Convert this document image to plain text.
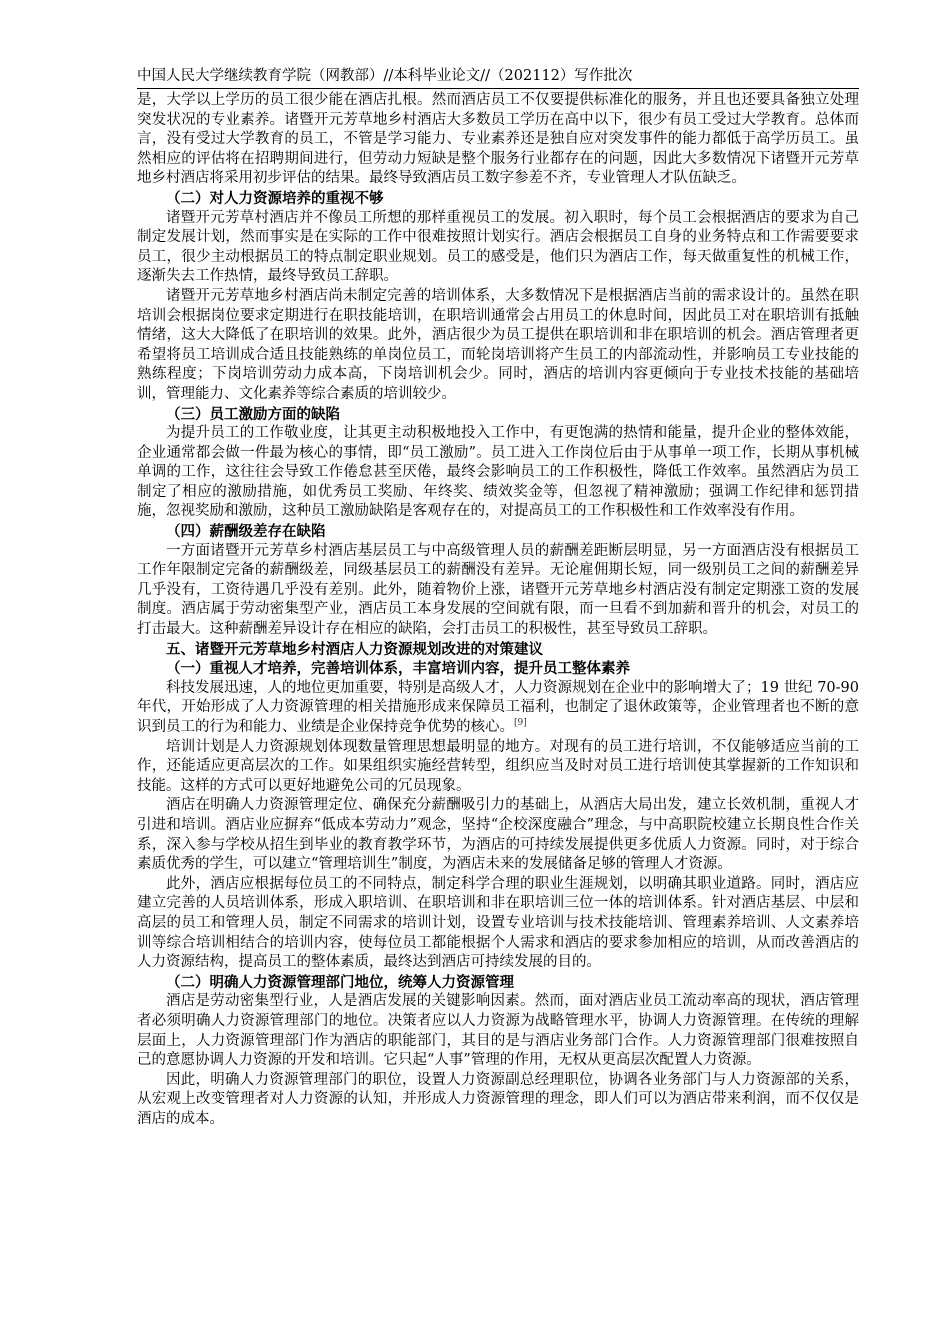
中国人民大学继续教育学院（网教部）//本科毕业论文//（202112）写作批次

是，大学以上学历的员工很少能在酒店扎根。然而酒店员工不仅要提供标准化的服务，并且也还要具备独立处理突发状况的专业素养。诸暨开元芳草地乡村酒店大多数员工学历在高中以下，很少有员工受过大学教育。总体而言，没有受过大学教育的员工，不管是学习能力、专业素养还是独自应对突发事件的能力都低于高学历员工。虽然相应的评估将在招聘期间进行，但劳动力短缺是整个服务行业都存在的问题，因此大多数情况下诸暨开元芳草地乡村酒店将采用初步评估的结果。最终导致酒店员工数字参差不齐，专业管理人才队伍缺乏。

（二）对人力资源培养的重视不够

诸暨开元芳草村酒店并不像员工所想的那样重视员工的发展。初入职时，每个员工会根据酒店的要求为自己制定发展计划，然而事实是在实际的工作中很难按照计划实行。酒店会根据员工自身的业务特点和工作需要要求员工，很少主动根据员工的特点制定职业规划。员工的感受是，他们只为酒店工作，每天做重复性的机械工作，逐渐失去工作热情，最终导致员工辞职。

诸暨开元芳草地乡村酒店尚未制定完善的培训体系，大多数情况下是根据酒店当前的需求设计的。虽然在职培训会根据岗位要求定期进行在职技能培训，在职培训通常会占用员工的休息时间，因此员工对在职培训有抵触情绪，这大大降低了在职培训的效果。此外，酒店很少为员工提供在职培训和非在职培训的机会。酒店管理者更希望将员工培训成合适且技能熟练的单岗位员工，而轮岗培训将产生员工的内部流动性，并影响员工专业技能的熟练程度；下岗培训劳动力成本高，下岗培训机会少。同时，酒店的培训内容更倾向于专业技术技能的基础培训，管理能力、文化素养等综合素质的培训较少。

（三）员工激励方面的缺陷

为提升员工的工作敬业度，让其更主动积极地投入工作中，有更饱满的热情和能量，提升企业的整体效能，企业通常都会做一件最为核心的事情，即“员工激励”。员工进入工作岗位后由于从事单一项工作，长期从事机械单调的工作，这往往会导致工作倦怠甚至厌倦，最终会影响员工的工作积极性，降低工作效率。虽然酒店为员工制定了相应的激励措施，如优秀员工奖励、年终奖、绩效奖金等，但忽视了精神激励；强调工作纪律和惩罚措施，忽视奖励和激励，这种员工激励缺陷是客观存在的，对提高员工的工作积极性和工作效率没有作用。

（四）薪酬级差存在缺陷

一方面诸暨开元芳草乡村酒店基层员工与中高级管理人员的薪酬差距断层明显，另一方面酒店没有根据员工工作年限制定完备的薪酬级差，同级基层员工的薪酬没有差异。无论雇佣期长短，同一级别员工之间的薪酬差异几乎没有，工资待遇几乎没有差别。此外，随着物价上涨，诸暨开元芳草地乡村酒店没有制定定期涨工资的发展制度。酒店属于劳动密集型产业，酒店员工本身发展的空间就有限，而一旦看不到加薪和晋升的机会，对员工的打击最大。这种薪酬差异设计存在相应的缺陷，会打击员工的积极性，甚至导致员工辞职。

五、诸暨开元芳草地乡村酒店人力资源规划改进的对策建议
（一）重视人才培养，完善培训体系，丰富培训内容，提升员工整体素养

科技发展迅速，人的地位更加重要，特别是高级人才，人力资源规划在企业中的影响增大了；19 世纪 70-90 年代，开始形成了人力资源管理的相关措施形成来保障员工福利，也制定了退休政策等，企业管理者也不断的意识到员工的行为和能力、业绩是企业保持竞争优势的核心。[9]

培训计划是人力资源规划体现数量管理思想最明显的地方。对现有的员工进行培训，不仅能够适应当前的工作，还能适应更高层次的工作。如果组织实施经营转型，组织应当及时对员工进行培训使其掌握新的工作知识和技能。这样的方式可以更好地避免公司的冗员现象。

酒店在明确人力资源管理定位、确保充分薪酬吸引力的基础上，从酒店大局出发，建立长效机制，重视人才引进和培训。酒店业应摒弃“低成本劳动力”观念，坚持“企校深度融合”理念，与中高职院校建立长期良性合作关系，深入参与学校从招生到毕业的教育教学环节，为酒店的可持续发展提供更多优质人力资源。同时，对于综合素质优秀的学生，可以建立“管理培训生”制度，为酒店未来的发展储备足够的管理人才资源。

此外，酒店应根据每位员工的不同特点，制定科学合理的职业生涯规划，以明确其职业道路。同时，酒店应建立完善的人员培训体系，形成入职培训、在职培训和非在职培训三位一体的培训体系。针对酒店基层、中层和高层的员工和管理人员，制定不同需求的培训计划，设置专业培训与技术技能培训、管理素养培训、人文素养培训等综合培训相结合的培训内容，使每位员工都能根据个人需求和酒店的要求参加相应的培训，从而改善酒店的人力资源结构，提高员工的整体素质，最终达到酒店可持续发展的目的。

（二）明确人力资源管理部门地位，统筹人力资源管理

酒店是劳动密集型行业，人是酒店发展的关键影响因素。然而，面对酒店业员工流动率高的现状，酒店管理者必须明确人力资源管理部门的地位。决策者应以人力资源为战略管理水平，协调人力资源管理。在传统的理解层面上，人力资源管理部门作为酒店的职能部门，其目的是与酒店业务部门合作。人力资源管理部门很难按照自己的意愿协调人力资源的开发和培训。它只起“人事”管理的作用，无权从更高层次配置人力资源。

因此，明确人力资源管理部门的职位，设置人力资源副总经理职位，协调各业务部门与人力资源部的关系，从宏观上改变管理者对人力资源的认知，并形成人力资源管理的理念，即人们可以为酒店带来利润，而不仅仅是酒店的成本。
